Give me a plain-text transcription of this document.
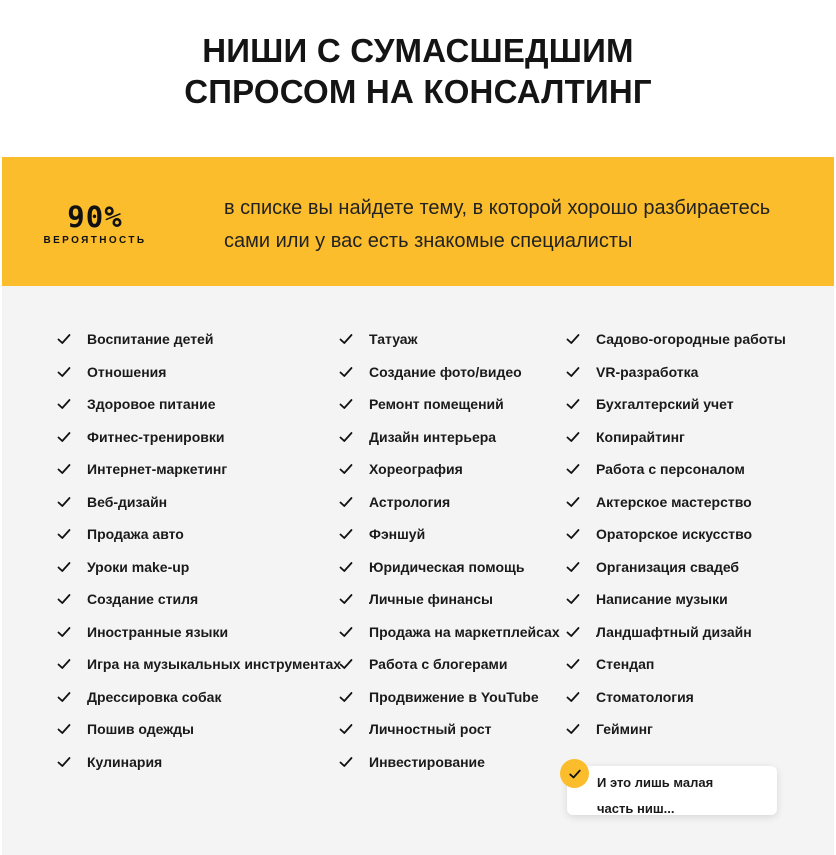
НИШИ С СУМАСШЕДШИМ
СПРОСОМ НА КОНСАЛТИНГ
90%
ВЕРОЯТНОСТЬ

в списке вы найдете тему, в которой хорошо разбираетесь
сами или у вас есть знакомые специалисты

Воспитание детей
Отношения
Здоровое питание
Фитнес-тренировки
Интернет-маркетинг
Веб-дизайн
Продажа авто
Уроки make-up
Создание стиля
Иностранные языки
Игра на музыкальных инструментах
Дрессировка собак
Пошив одежды
Кулинария
Татуаж
Создание фото/видео
Ремонт помещений
Дизайн интерьера
Хореография
Астрология
Фэншуй
Юридическая помощь
Личные финансы
Продажа на маркетплейсах
Работа с блогерами
Продвижение в YouTube
Личностный рост
Инвестирование
Садово-огородные работы
VR-разработка
Бухгалтерский учет
Копирайтинг
Работа с персоналом
Актерское мастерство
Ораторское искусство
Организация свадеб
Написание музыки
Ландшафтный дизайн
Стендап
Стоматология
Гейминг

И это лишь малая
часть ниш...
